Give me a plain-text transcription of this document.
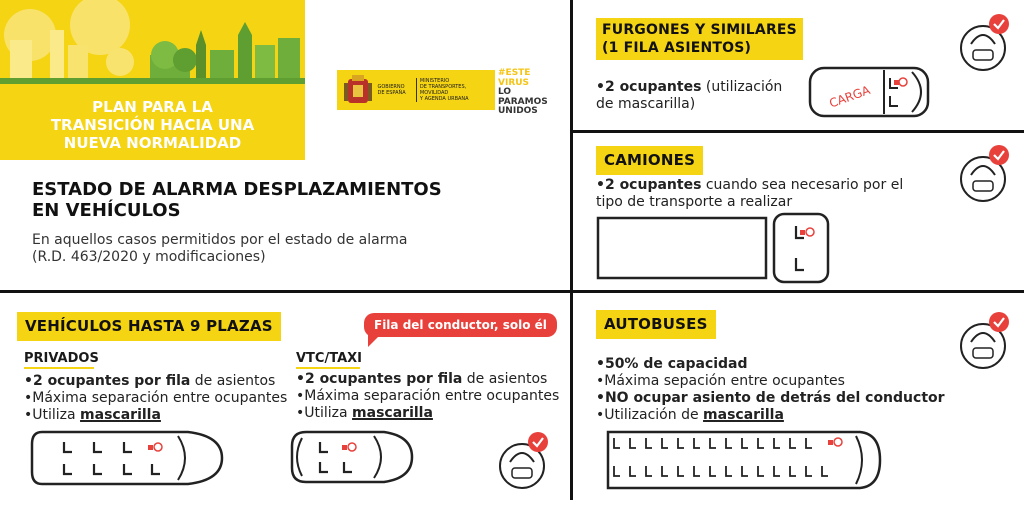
PLAN PARA LA
TRANSICIÓN HACIA UNA
NUEVA NORMALIDAD
GOBIERNO
DE ESPAÑA
MINISTERIO
DE TRANSPORTES, MOVILIDAD
Y AGENDA URBANA
#ESTE
VIRUS
LO
PARAMOS
UNIDOS
ESTADO DE ALARMA DESPLAZAMIENTOS
EN VEHÍCULOS
En aquellos casos permitidos por el estado de alarma
(R.D. 463/2020 y modificaciones)
FURGONES Y SIMILARES
(1 FILA ASIENTOS)
•2 ocupantes (utilización
de mascarilla)	CARGA
CAMIONES
•2 ocupantes cuando sea necesario por el
tipo de transporte a realizar
VEHÍCULOS HASTA 9 PLAZAS	Fila del conductor, solo él
PRIVADOS
•2 ocupantes por fila de asientos
•Máxima separación entre ocupantes
•Utiliza mascarilla
VTC/TAXI
•2 ocupantes por fila de asientos
•Máxima separación entre ocupantes
•Utiliza mascarilla
AUTOBUSES
•50% de capacidad
•Máxima sepación entre ocupantes
•NO ocupar asiento de detrás del conductor
•Utilización de mascarilla
